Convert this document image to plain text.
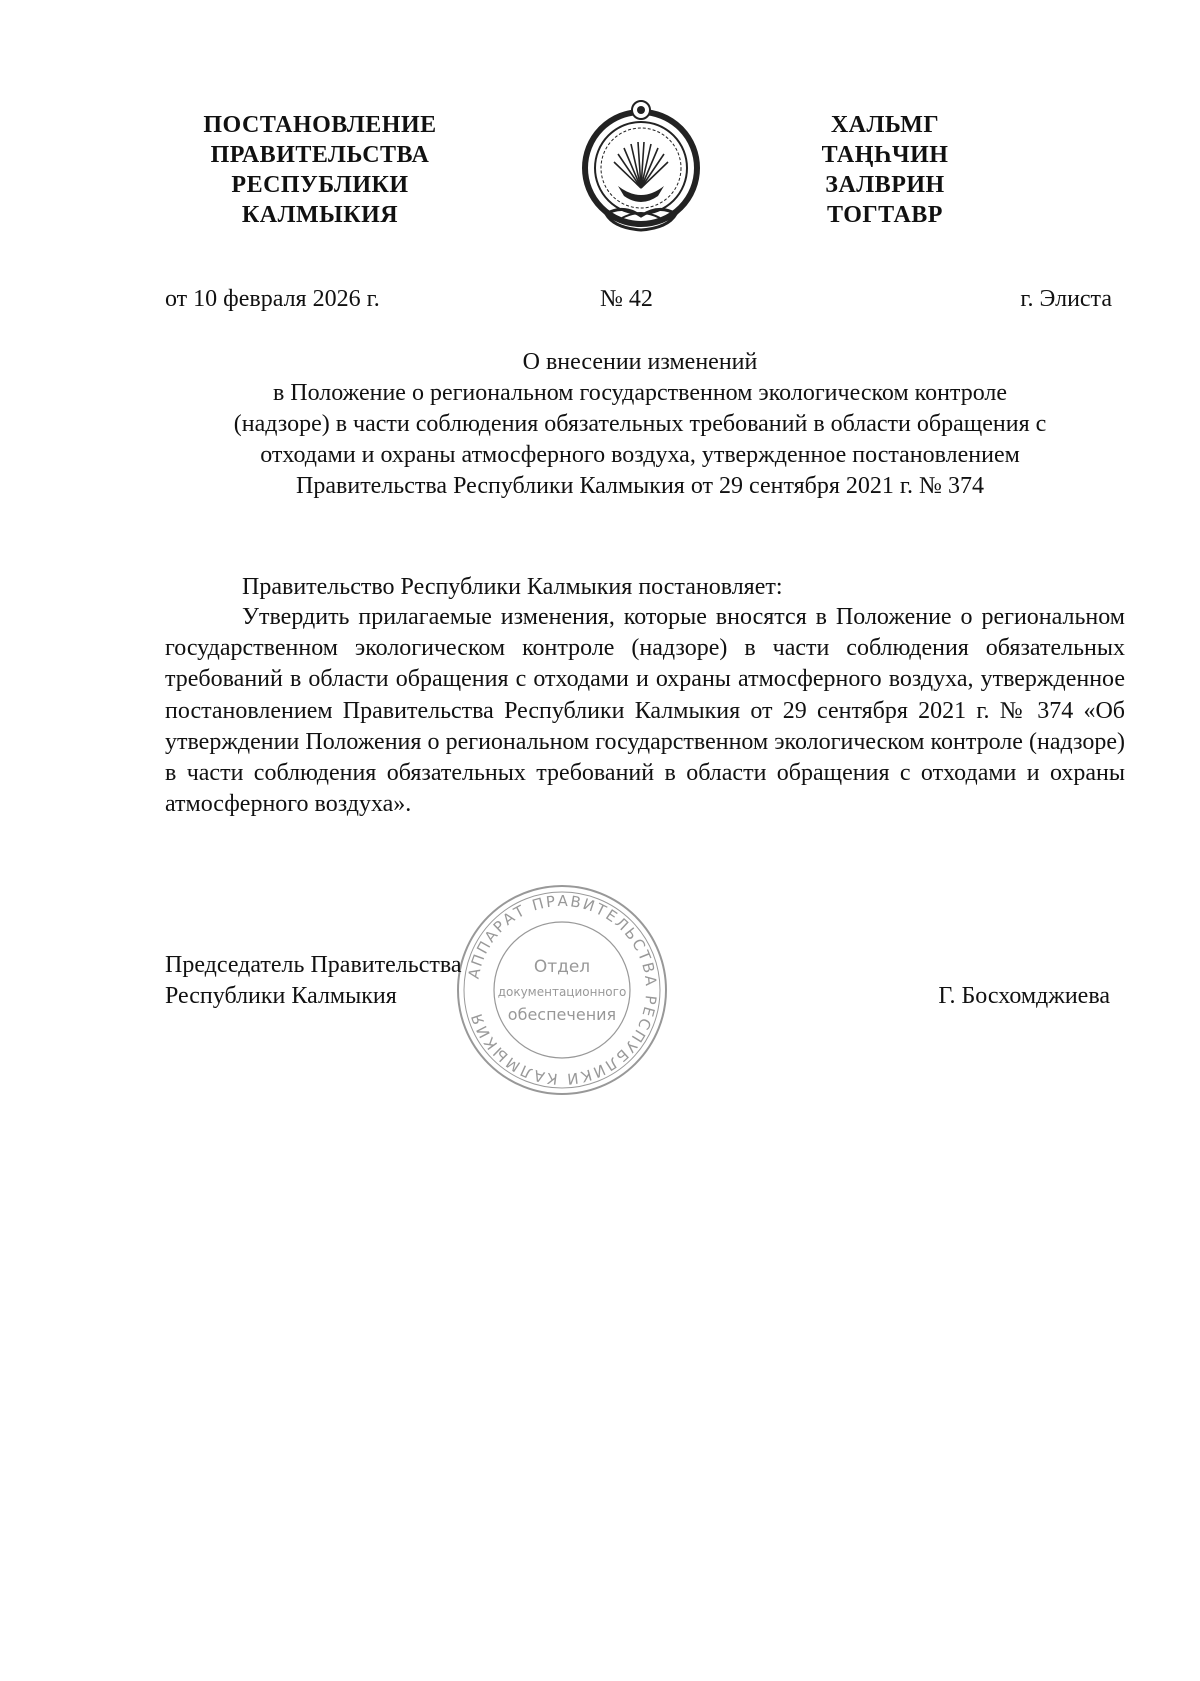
ПОСТАНОВЛЕНИЕ
ПРАВИТЕЛЬСТВА
РЕСПУБЛИКИ
КАЛМЫКИЯ
ХАЛЬМГ
ТАҢҺЧИН
ЗАЛВРИН
ТОГТАВР
от 10 февраля 2026 г.	№ 42	г. Элиста
О внесении изменений
в Положение о региональном государственном экологическом контроле
(надзоре) в части соблюдения обязательных требований в области обращения с
отходами и охраны атмосферного воздуха, утвержденное постановлением
Правительства Республики Калмыкия от 29 сентября 2021 г. № 374
Правительство Республики Калмыкия постановляет:
Утвердить прилагаемые изменения, которые вносятся в Положение о региональном государственном экологическом контроле (надзоре) в части соблюдения обязательных требований в области обращения с отходами и охраны атмосферного воздуха, утвержденное постановлением Правительства Республики Калмыкия от 29 сентября 2021 г. № 374 «Об утверждении Положения о региональном государственном экологическом контроле (надзоре) в части соблюдения обязательных требований в области обращения с отходами и охраны атмосферного воздуха».
АППАРАТ ПРАВИТЕЛЬСТВА РЕСПУБЛИКИ КАЛМЫКИЯ
Отдел
документационного
обеспечения
Председатель Правительства
Республики Калмыкия	Г. Босхомджиева
